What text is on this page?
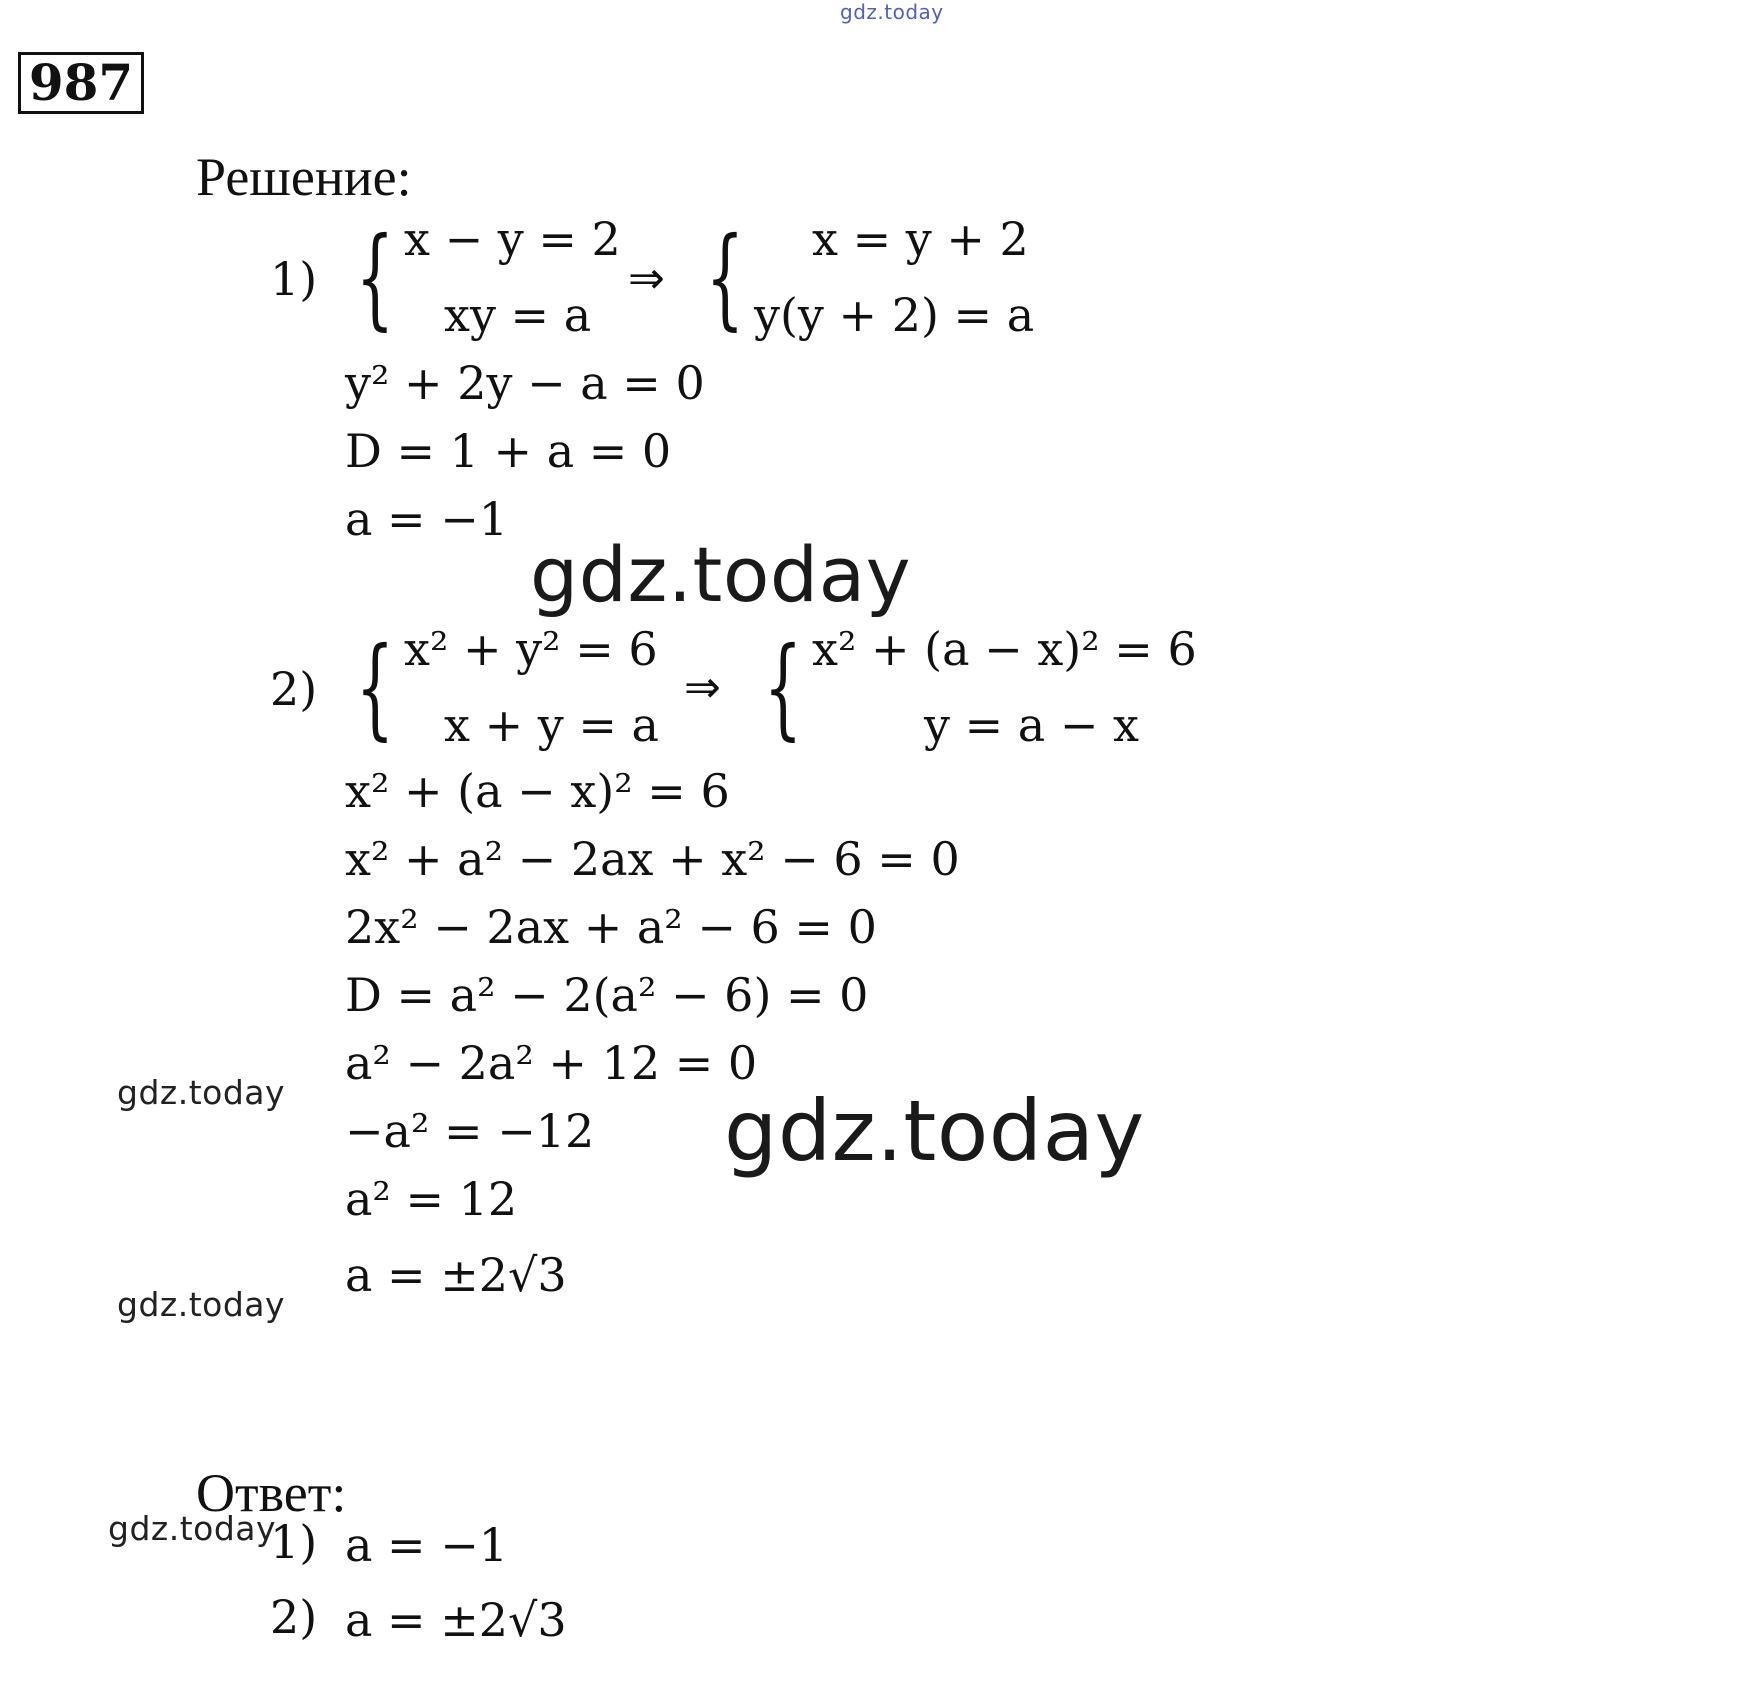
gdz.today
gdz.today
gdz.today
gdz.today
gdz.today
gdz.today
987
Решение:
1) { x − y = 2
xy = a
⇒ {	x = y + 2
y(y + 2) = a
y² + 2y − a = 0
D = 1 + a = 0
a = −1
2) { x² + y² = 6
x + y = a
⇒ { x² + (a − x)² = 6
y = a − x
x² + (a − x)² = 6
x² + a² − 2ax + x² − 6 = 0
2x² − 2ax + a² − 6 = 0
D = a² − 2(a² − 6) = 0
a² − 2a² + 12 = 0
−a² = −12
a² = 12
a = ±2√3
Ответ:
1) a = −1
2) a = ±2√3
